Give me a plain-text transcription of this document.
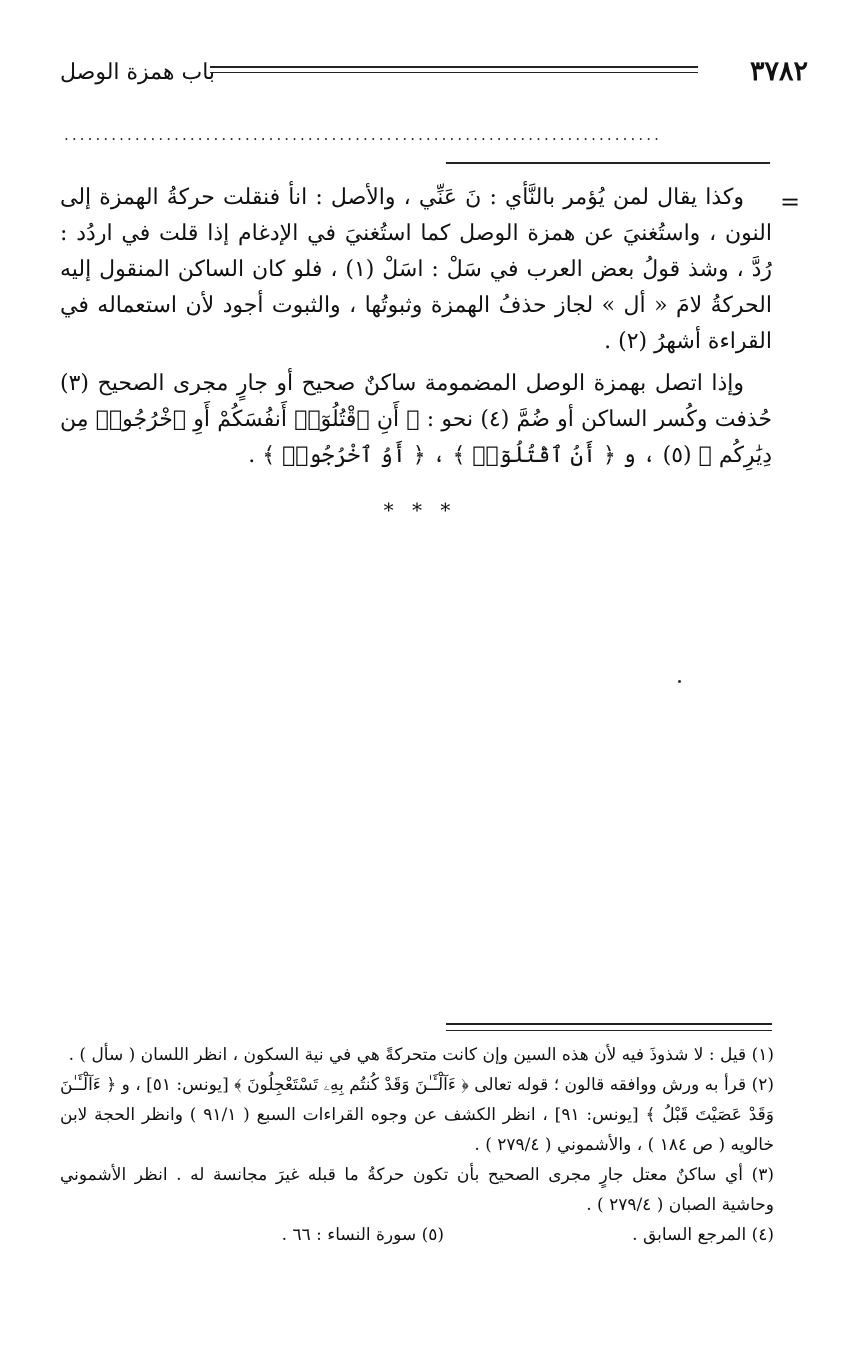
٣٧٨٢
باب همزة الوصل
............................................................................
=

وكذا يقال لمن يُؤمر بالنَّأي : نَ عَنِّي ، والأصل : انأ فنقلت حركةُ الهمزة إلى النون ، واستُغنيَ عن همزة الوصل كما استُغنيَ في الإدغام إذا قلت في اردُد : رُدَّ ، وشذ قولُ بعض العرب في سَلْ : اسَلْ (١) ، فلو كان الساكن المنقول إليه الحركةُ لامَ « أل » لجاز حذفُ الهمزة وثبوتُها ، والثبوت أجود لأن استعماله في القراءة أشهرُ (٢) .

وإذا اتصل بهمزة الوصل المضمومة ساكنٌ صحيح أو جارٍ مجرى الصحيح (٣) حُذفت وكُسر الساكن أو ضُمَّ (٤) نحو : ﴿ أَنِ ٱقْتُلُوٓا۟ أَنفُسَكُمْ أَوِ ٱخْرُجُوا۟ مِن دِيَٰرِكُم ﴾ (٥) ، و ﴿ أَنُ ٱقْتُلُوٓا۟ ﴾ ، ﴿ أَوُ ٱخْرُجُوا۟ ﴾ .

* * *

(١) قيل : لا شذوذَ فيه لأن هذه السين وإن كانت متحركةً هي في نية السكون ، انظر اللسان ( سأل ) .

(٢) قرأ به ورش ووافقه قالون ؛ قوله تعالى ﴿ ءَآلْـَٔـٰنَ وَقَدْ كُنتُم بِهِۦ تَسْتَعْجِلُونَ ﴾ [يونس: ٥١] ، و ﴿ ءَآلْـَٔـٰنَ وَقَدْ عَصَيْتَ قَبْلُ ﴾ [يونس: ٩١] ، انظر الكشف عن وجوه القراءات السبع ( ٩١/١ ) وانظر الحجة لابن خالويه ( ص ١٨٤ ) ، والأشموني ( ٢٧٩/٤ ) .

(٣) أي ساكنٌ معتل جارٍ مجرى الصحيح بأن تكون حركةُ ما قبله غيرَ مجانسة له . انظر الأشموني وحاشية الصبان ( ٢٧٩/٤ ) .

(٤) المرجع السابق .
(٥) سورة النساء : ٦٦ .
